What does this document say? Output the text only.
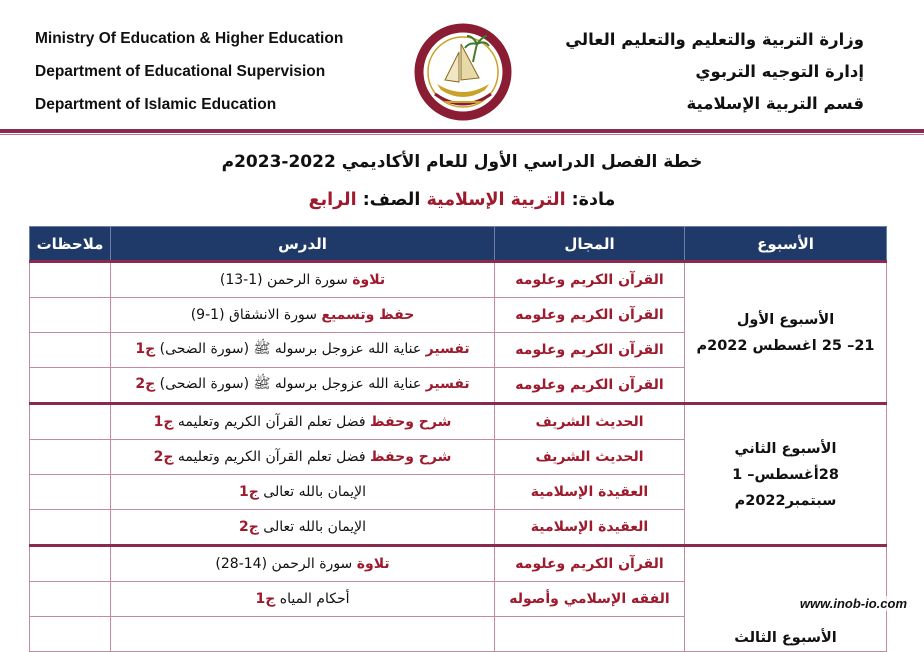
Ministry Of Education & Higher Education
Department of Educational Supervision
Department of Islamic Education
وزارة التربية والتعليم والتعليم العالي
إدارة التوجيه التربوي
قسم التربية الإسلامية
خطة الفصل الدراسي الأول للعام الأكاديمي 2022-2023م
مادة: التربية الإسلامية الصف: الرابع
الأسبوع	المجال	الدرس	ملاحظات

الأسبوع الأول
21– 25 اغسطس 2022م	القرآن الكريم وعلومه	تلاوة سورة الرحمن (1-13)	
	القرآن الكريم وعلومه	حفظ وتسميع سورة الانشقاق (1-9)	
	القرآن الكريم وعلومه	تفسير عناية الله عزوجل برسوله ﷺ (سورة الضحى) ج1	
	القرآن الكريم وعلومه	تفسير عناية الله عزوجل برسوله ﷺ (سورة الضحى) ج2	

الأسبوع الثاني
28أغسطس– 1 سبتمبر2022م	الحديث الشريف	شرح وحفظ فضل تعلم القرآن الكريم وتعليمه ج1	
	الحديث الشريف	شرح وحفظ فضل تعلم القرآن الكريم وتعليمه ج2	
	العقيدة الإسلامية	الإيمان بالله تعالى ج1	
	العقيدة الإسلامية	الإيمان بالله تعالى ج2	

الأسبوع الثالث	القرآن الكريم وعلومه	تلاوة سورة الرحمن (14-28)	
	الفقه الإسلامي وأصوله	أحكام المياه ج1	
			www.inob-io.com
